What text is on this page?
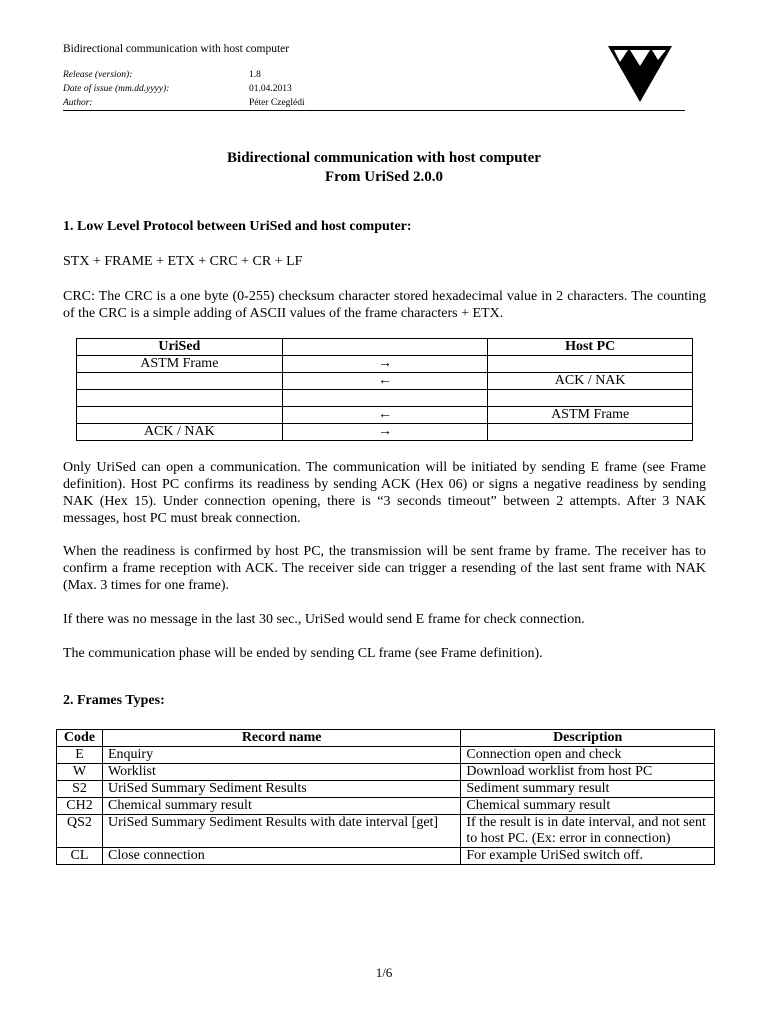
Bidirectional communication with host computer
Release (version):	1.8
Date of issue (mm.dd.yyyy):	01.04.2013
Author:	Péter Czeglédi
Bidirectional communication with host computer
From UriSed 2.0.0
1. Low Level Protocol between UriSed and host computer:
STX + FRAME + ETX + CRC + CR + LF
CRC: The CRC is a one byte (0-255) checksum character stored hexadecimal value in 2 characters. The counting of the CRC is a simple adding of ASCII values of the frame characters + ETX.
UriSed		Host PC
ASTM Frame	→	
	←	ACK / NAK

	←	ASTM Frame
ACK / NAK	→	
Only UriSed can open a communication. The communication will be initiated by sending E frame (see Frame definition). Host PC confirms its readiness by sending ACK (Hex 06) or signs a negative readiness by sending NAK (Hex 15). Under connection opening, there is “3 seconds timeout” between 2 attempts. After 3 NAK messages, host PC must break connection.
When the readiness is confirmed by host PC, the transmission will be sent frame by frame. The receiver has to confirm a frame reception with ACK. The receiver side can trigger a resending of the last sent frame with NAK (Max. 3 times for one frame).
If there was no message in the last 30 sec., UriSed would send E frame for check connection.
The communication phase will be ended by sending CL frame (see Frame definition).
2. Frames Types:
Code	Record name	Description
E	Enquiry	Connection open and check
W	Worklist	Download worklist from host PC
S2	UriSed Summary Sediment Results	Sediment summary result
CH2	Chemical summary result	Chemical summary result
QS2	UriSed Summary Sediment Results with date interval [get]	If the result is in date interval, and not sent to host PC. (Ex: error in connection)
CL	Close connection	For example UriSed switch off.
1/6
